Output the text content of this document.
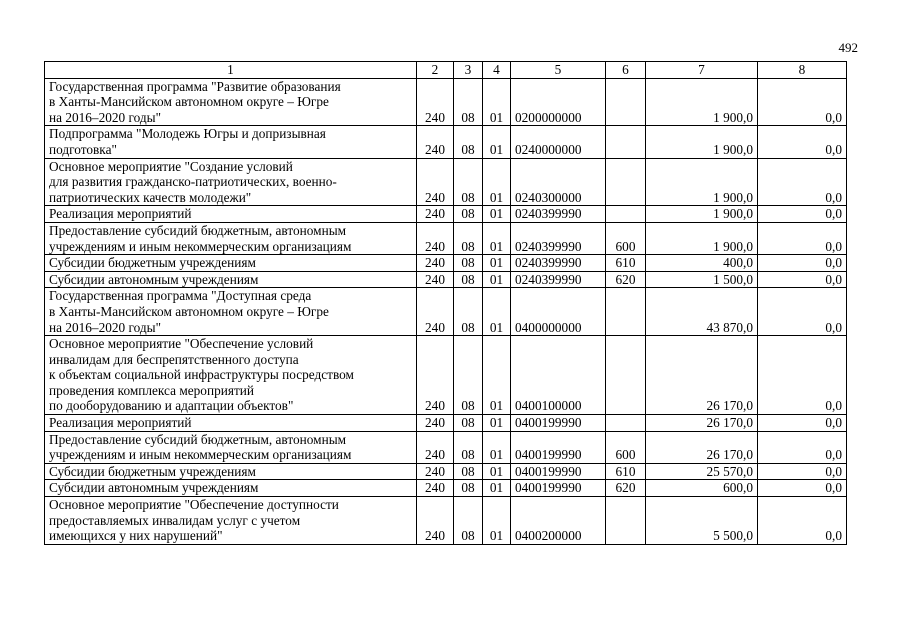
492
1	2	3	4	5	6	7	8
Государственная программа "Развитие образования
в Ханты-Мансийском автономном округе – Югре
на 2016–2020 годы"	240	08	01	0200000000		1 900,0	0,0
Подпрограмма "Молодежь Югры и допризывная
подготовка"	240	08	01	0240000000		1 900,0	0,0
Основное мероприятие "Создание условий
для развития гражданско-патриотических, военно-
патриотических качеств молодежи"	240	08	01	0240300000		1 900,0	0,0
Реализация мероприятий	240	08	01	0240399990		1 900,0	0,0
Предоставление субсидий бюджетным, автономным
учреждениям и иным некоммерческим организациям	240	08	01	0240399990	600	1 900,0	0,0
Субсидии бюджетным учреждениям	240	08	01	0240399990	610	400,0	0,0
Субсидии автономным учреждениям	240	08	01	0240399990	620	1 500,0	0,0
Государственная программа "Доступная среда
в Ханты-Мансийском автономном округе – Югре
на 2016–2020 годы"	240	08	01	0400000000		43 870,0	0,0
Основное мероприятие "Обеспечение условий
инвалидам для беспрепятственного доступа
к объектам социальной инфраструктуры посредством
проведения комплекса мероприятий
по дооборудованию и адаптации объектов"	240	08	01	0400100000		26 170,0	0,0
Реализация мероприятий	240	08	01	0400199990		26 170,0	0,0
Предоставление субсидий бюджетным, автономным
учреждениям и иным некоммерческим организациям	240	08	01	0400199990	600	26 170,0	0,0
Субсидии бюджетным учреждениям	240	08	01	0400199990	610	25 570,0	0,0
Субсидии автономным учреждениям	240	08	01	0400199990	620	600,0	0,0
Основное мероприятие "Обеспечение доступности
предоставляемых инвалидам услуг с учетом
имеющихся у них нарушений"	240	08	01	0400200000		5 500,0	0,0
